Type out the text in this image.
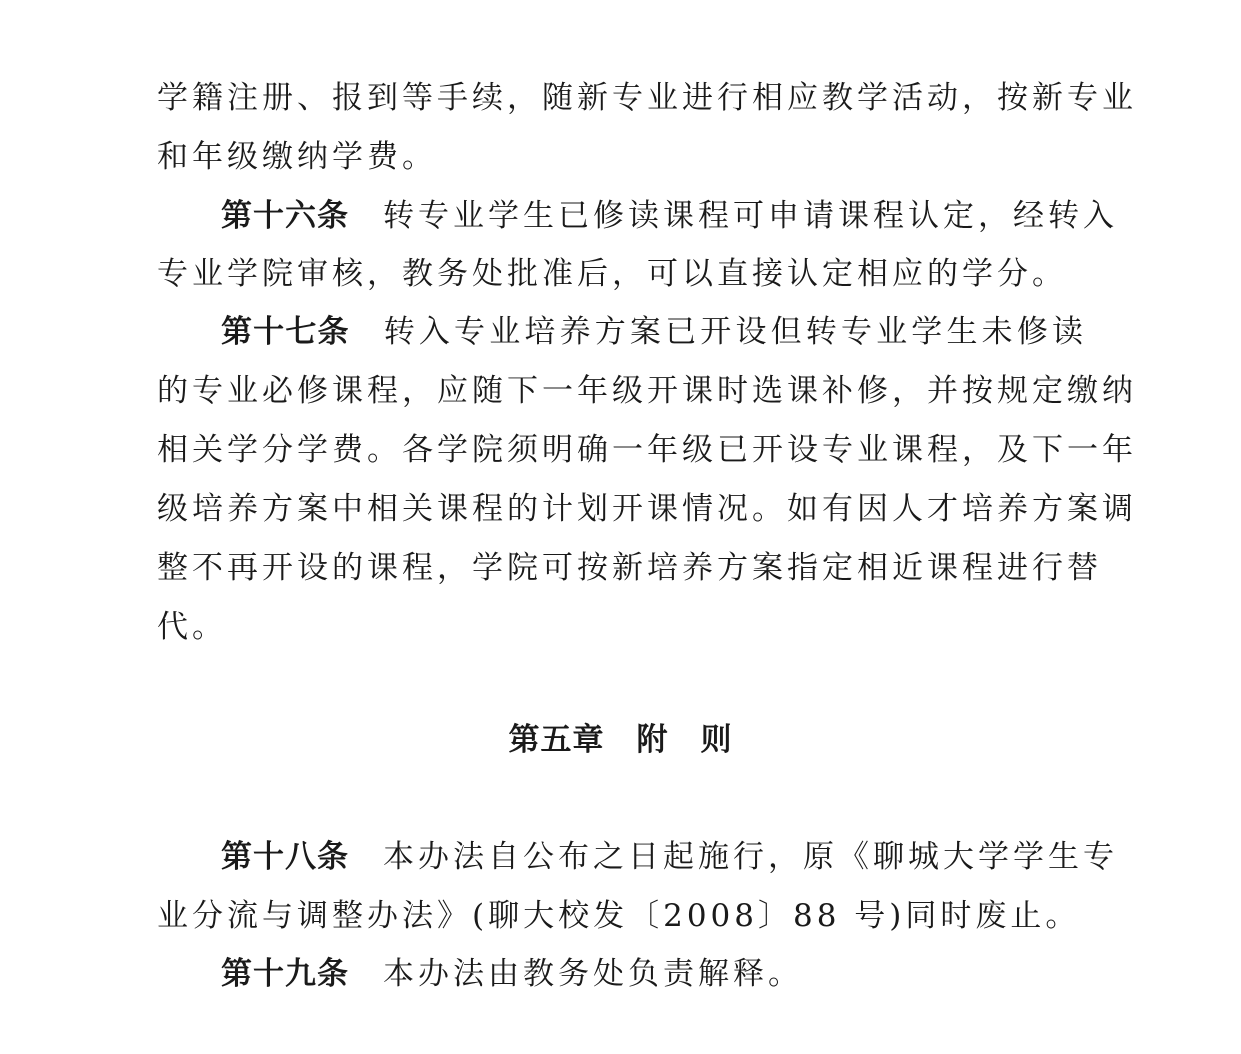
学籍注册、报到等手续，随新专业进行相应教学活动，按新专业
和年级缴纳学费。
第十六条 转专业学生已修读课程可申请课程认定，经转入
专业学院审核，教务处批准后，可以直接认定相应的学分。
第十七条 转入专业培养方案已开设但转专业学生未修读
的专业必修课程，应随下一年级开课时选课补修，并按规定缴纳
相关学分学费。各学院须明确一年级已开设专业课程，及下一年
级培养方案中相关课程的计划开课情况。如有因人才培养方案调
整不再开设的课程，学院可按新培养方案指定相近课程进行替
代。
第五章 附 则
第十八条 本办法自公布之日起施行，原《聊城大学学生专
业分流与调整办法》(聊大校发〔2008〕88 号)同时废止。
第十九条 本办法由教务处负责解释。
